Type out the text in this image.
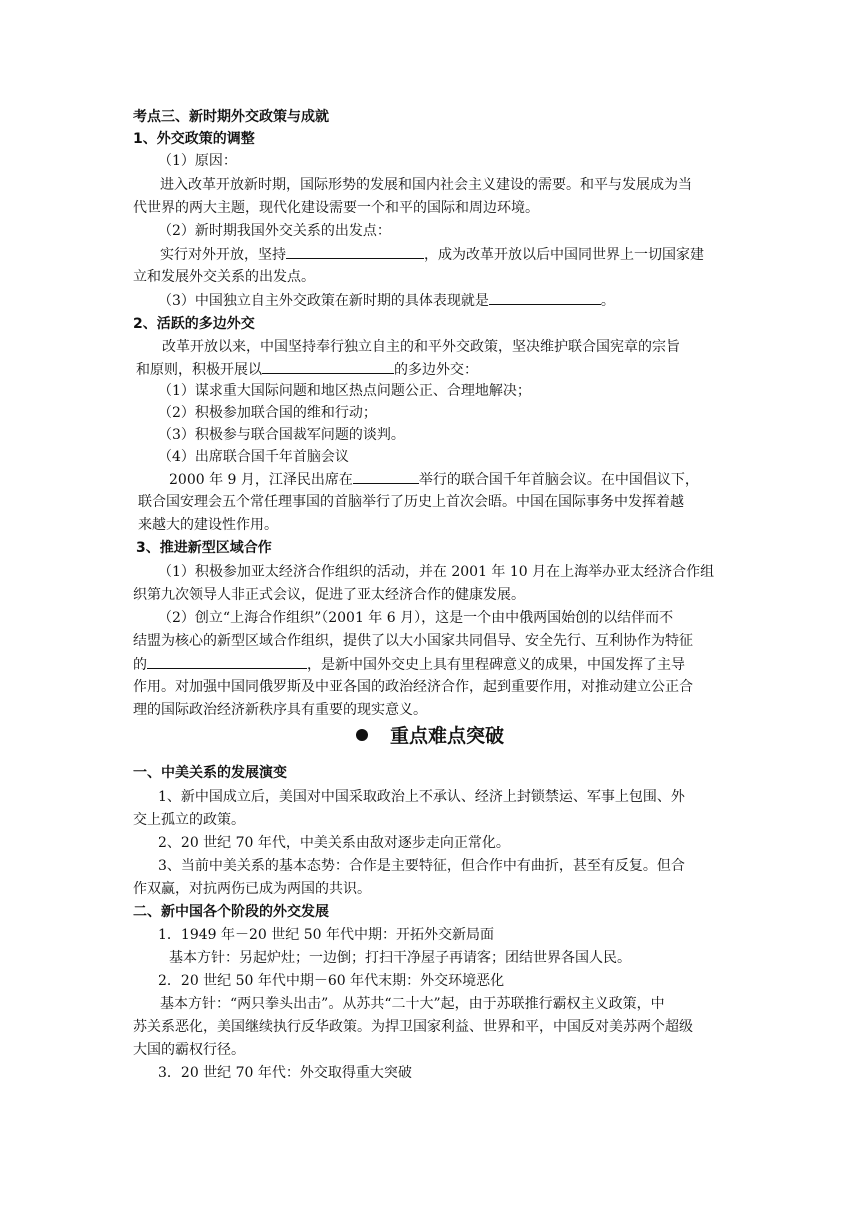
考点三、新时期外交政策与成就
1、外交政策的调整
（1）原因：
进入改革开放新时期，国际形势的发展和国内社会主义建设的需要。和平与发展成为当
代世界的两大主题，现代化建设需要一个和平的国际和周边环境。
（2）新时期我国外交关系的出发点：
实行对外开放，坚持	，成为改革开放以后中国同世界上一切国家建
立和发展外交关系的出发点。
（3）中国独立自主外交政策在新时期的具体表现就是	。
2、活跃的多边外交
改革开放以来，中国坚持奉行独立自主的和平外交政策，坚决维护联合国宪章的宗旨
和原则，积极开展以	的多边外交：
（1）谋求重大国际问题和地区热点问题公正、合理地解决；
（2）积极参加联合国的维和行动；
（3）积极参与联合国裁军问题的谈判。
（4）出席联合国千年首脑会议
2000 年 9 月，江泽民出席在	举行的联合国千年首脑会议。在中国倡议下，
联合国安理会五个常任理事国的首脑举行了历史上首次会晤。中国在国际事务中发挥着越
来越大的建设性作用。
3、推进新型区域合作
（1）积极参加亚太经济合作组织的活动，并在 2001 年 10 月在上海举办亚太经济合作组
织第九次领导人非正式会议，促进了亚太经济合作的健康发展。
（2）创立“上海合作组织”（2001 年 6 月），这是一个由中俄两国始创的以结伴而不
结盟为核心的新型区域合作组织，提供了以大小国家共同倡导、安全先行、互利协作为特征
的	，是新中国外交史上具有里程碑意义的成果，中国发挥了主导
作用。对加强中国同俄罗斯及中亚各国的政治经济合作，起到重要作用，对推动建立公正合
理的国际政治经济新秩序具有重要的现实意义。
重点难点突破
一、中美关系的发展演变
1、新中国成立后，美国对中国采取政治上不承认、经济上封锁禁运、军事上包围、外
交上孤立的政策。
2、20 世纪 70 年代，中美关系由敌对逐步走向正常化。
3、当前中美关系的基本态势：合作是主要特征，但合作中有曲折，甚至有反复。但合
作双赢，对抗两伤已成为两国的共识。
二、新中国各个阶段的外交发展
1．1949 年－20 世纪 50 年代中期：开拓外交新局面
基本方针：另起炉灶；一边倒；打扫干净屋子再请客；团结世界各国人民。
2．20 世纪 50 年代中期－60 年代末期：外交环境恶化
基本方针：“两只拳头出击”。从苏共“二十大”起，由于苏联推行霸权主义政策，中
苏关系恶化，美国继续执行反华政策。为捍卫国家利益、世界和平，中国反对美苏两个超级
大国的霸权行径。
3．20 世纪 70 年代：外交取得重大突破
